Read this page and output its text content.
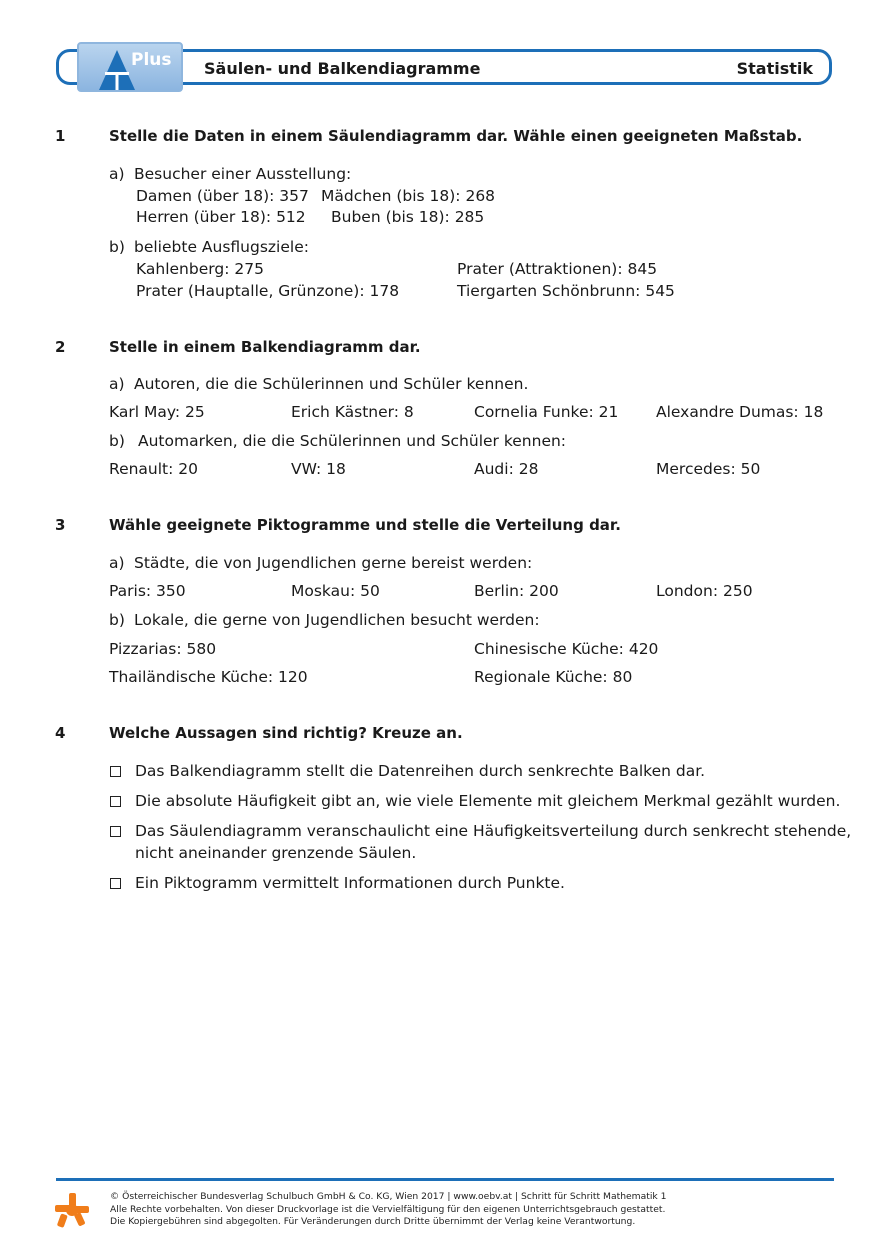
Plus Säulen- und Balkendiagramme	Statistik
1	Stelle die Daten in einem Säulendiagramm dar. Wähle einen geeigneten Maßstab.
a) Besucher einer Ausstellung:
Damen (über 18): 357 Mädchen (bis 18): 268
Herren (über 18): 512 Buben (bis 18): 285
b) beliebte Ausflugsziele:
Kahlenberg: 275	Prater (Attraktionen): 845
Prater (Hauptalle, Grünzone): 178	Tiergarten Schönbrunn: 545
2	Stelle in einem Balkendiagramm dar.
a) Autoren, die die Schülerinnen und Schüler kennen.
Karl May: 25	Erich Kästner: 8	Cornelia Funke: 21 Alexandre Dumas: 18
b) Automarken, die die Schülerinnen und Schüler kennen:
Renault: 20	VW: 18	Audi: 28	Mercedes: 50
3	Wähle geeignete Piktogramme und stelle die Verteilung dar.
a) Städte, die von Jugendlichen gerne bereist werden:
Paris: 350	Moskau: 50	Berlin: 200	London: 250
b) Lokale, die gerne von Jugendlichen besucht werden:
Pizzarias: 580	Chinesische Küche: 420
Thailändische Küche: 120	Regionale Küche: 80
4	Welche Aussagen sind richtig? Kreuze an.
Das Balkendiagramm stellt die Datenreihen durch senkrechte Balken dar.
Die absolute Häufigkeit gibt an, wie viele Elemente mit gleichem Merkmal gezählt wurden.
Das Säulendiagramm veranschaulicht eine Häufigkeitsverteilung durch senkrecht stehende,
nicht aneinander grenzende Säulen.
Ein Piktogramm vermittelt Informationen durch Punkte.
© Österreichischer Bundesverlag Schulbuch GmbH & Co. KG, Wien 2017 | www.oebv.at | Schritt für Schritt Mathematik 1
Alle Rechte vorbehalten. Von dieser Druckvorlage ist die Vervielfältigung für den eigenen Unterrichtsgebrauch gestattet.
Die Kopiergebühren sind abgegolten. Für Veränderungen durch Dritte übernimmt der Verlag keine Verantwortung.
